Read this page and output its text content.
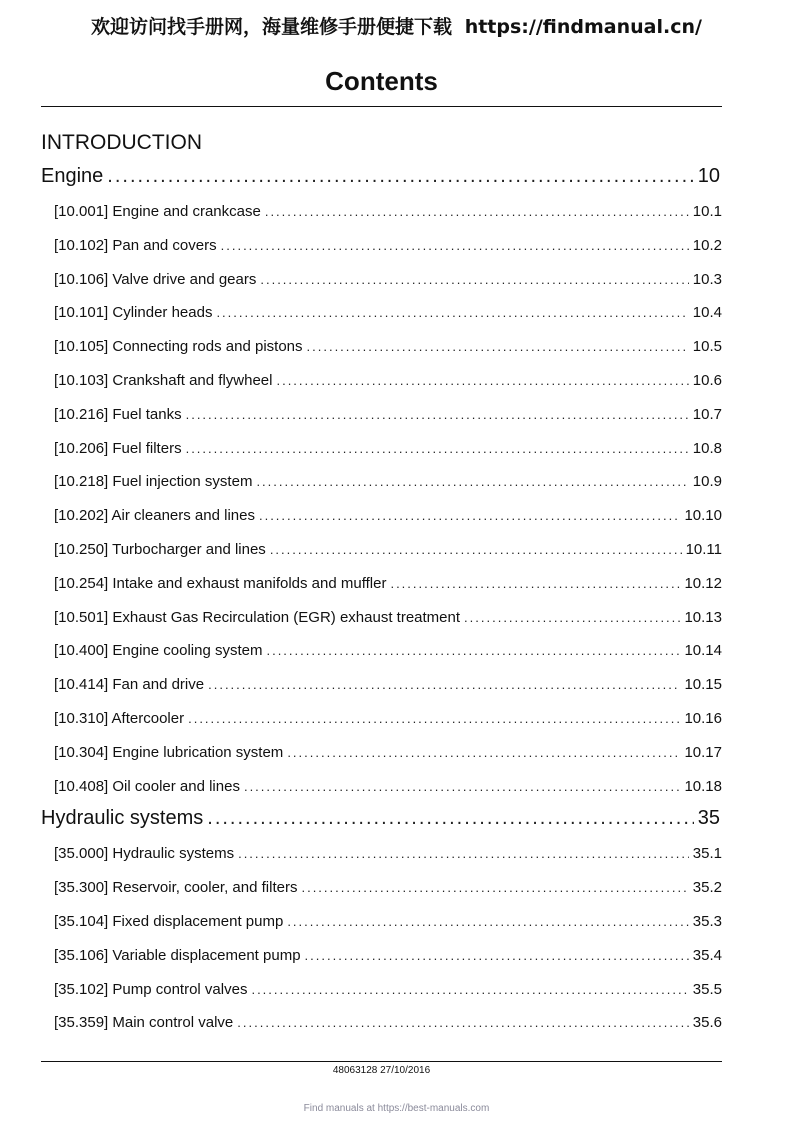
欢迎访问找手册网，海量维修手册便捷下载 https://findmanual.cn/
Contents
INTRODUCTION
Engine .....	10
[10.001] Engine and crankcase .....	10.1
[10.102] Pan and covers .....	10.2
[10.106] Valve drive and gears .....	10.3
[10.101] Cylinder heads .....	10.4
[10.105] Connecting rods and pistons .....	10.5
[10.103] Crankshaft and flywheel .....	10.6
[10.216] Fuel tanks .....	10.7
[10.206] Fuel filters .....	10.8
[10.218] Fuel injection system .....	10.9
[10.202] Air cleaners and lines .....	10.10
[10.250] Turbocharger and lines .....	10.11
[10.254] Intake and exhaust manifolds and muffler .....	10.12
[10.501] Exhaust Gas Recirculation (EGR) exhaust treatment .....	10.13
[10.400] Engine cooling system .....	10.14
[10.414] Fan and drive .....	10.15
[10.310] Aftercooler .....	10.16
[10.304] Engine lubrication system .....	10.17
[10.408] Oil cooler and lines .....	10.18
Hydraulic systems .....	35
[35.000] Hydraulic systems .....	35.1
[35.300] Reservoir, cooler, and filters .....	35.2
[35.104] Fixed displacement pump .....	35.3
[35.106] Variable displacement pump .....	35.4
[35.102] Pump control valves .....	35.5
[35.359] Main control valve .....	35.6
48063128 27/10/2016
Find manuals at https://best-manuals.com
